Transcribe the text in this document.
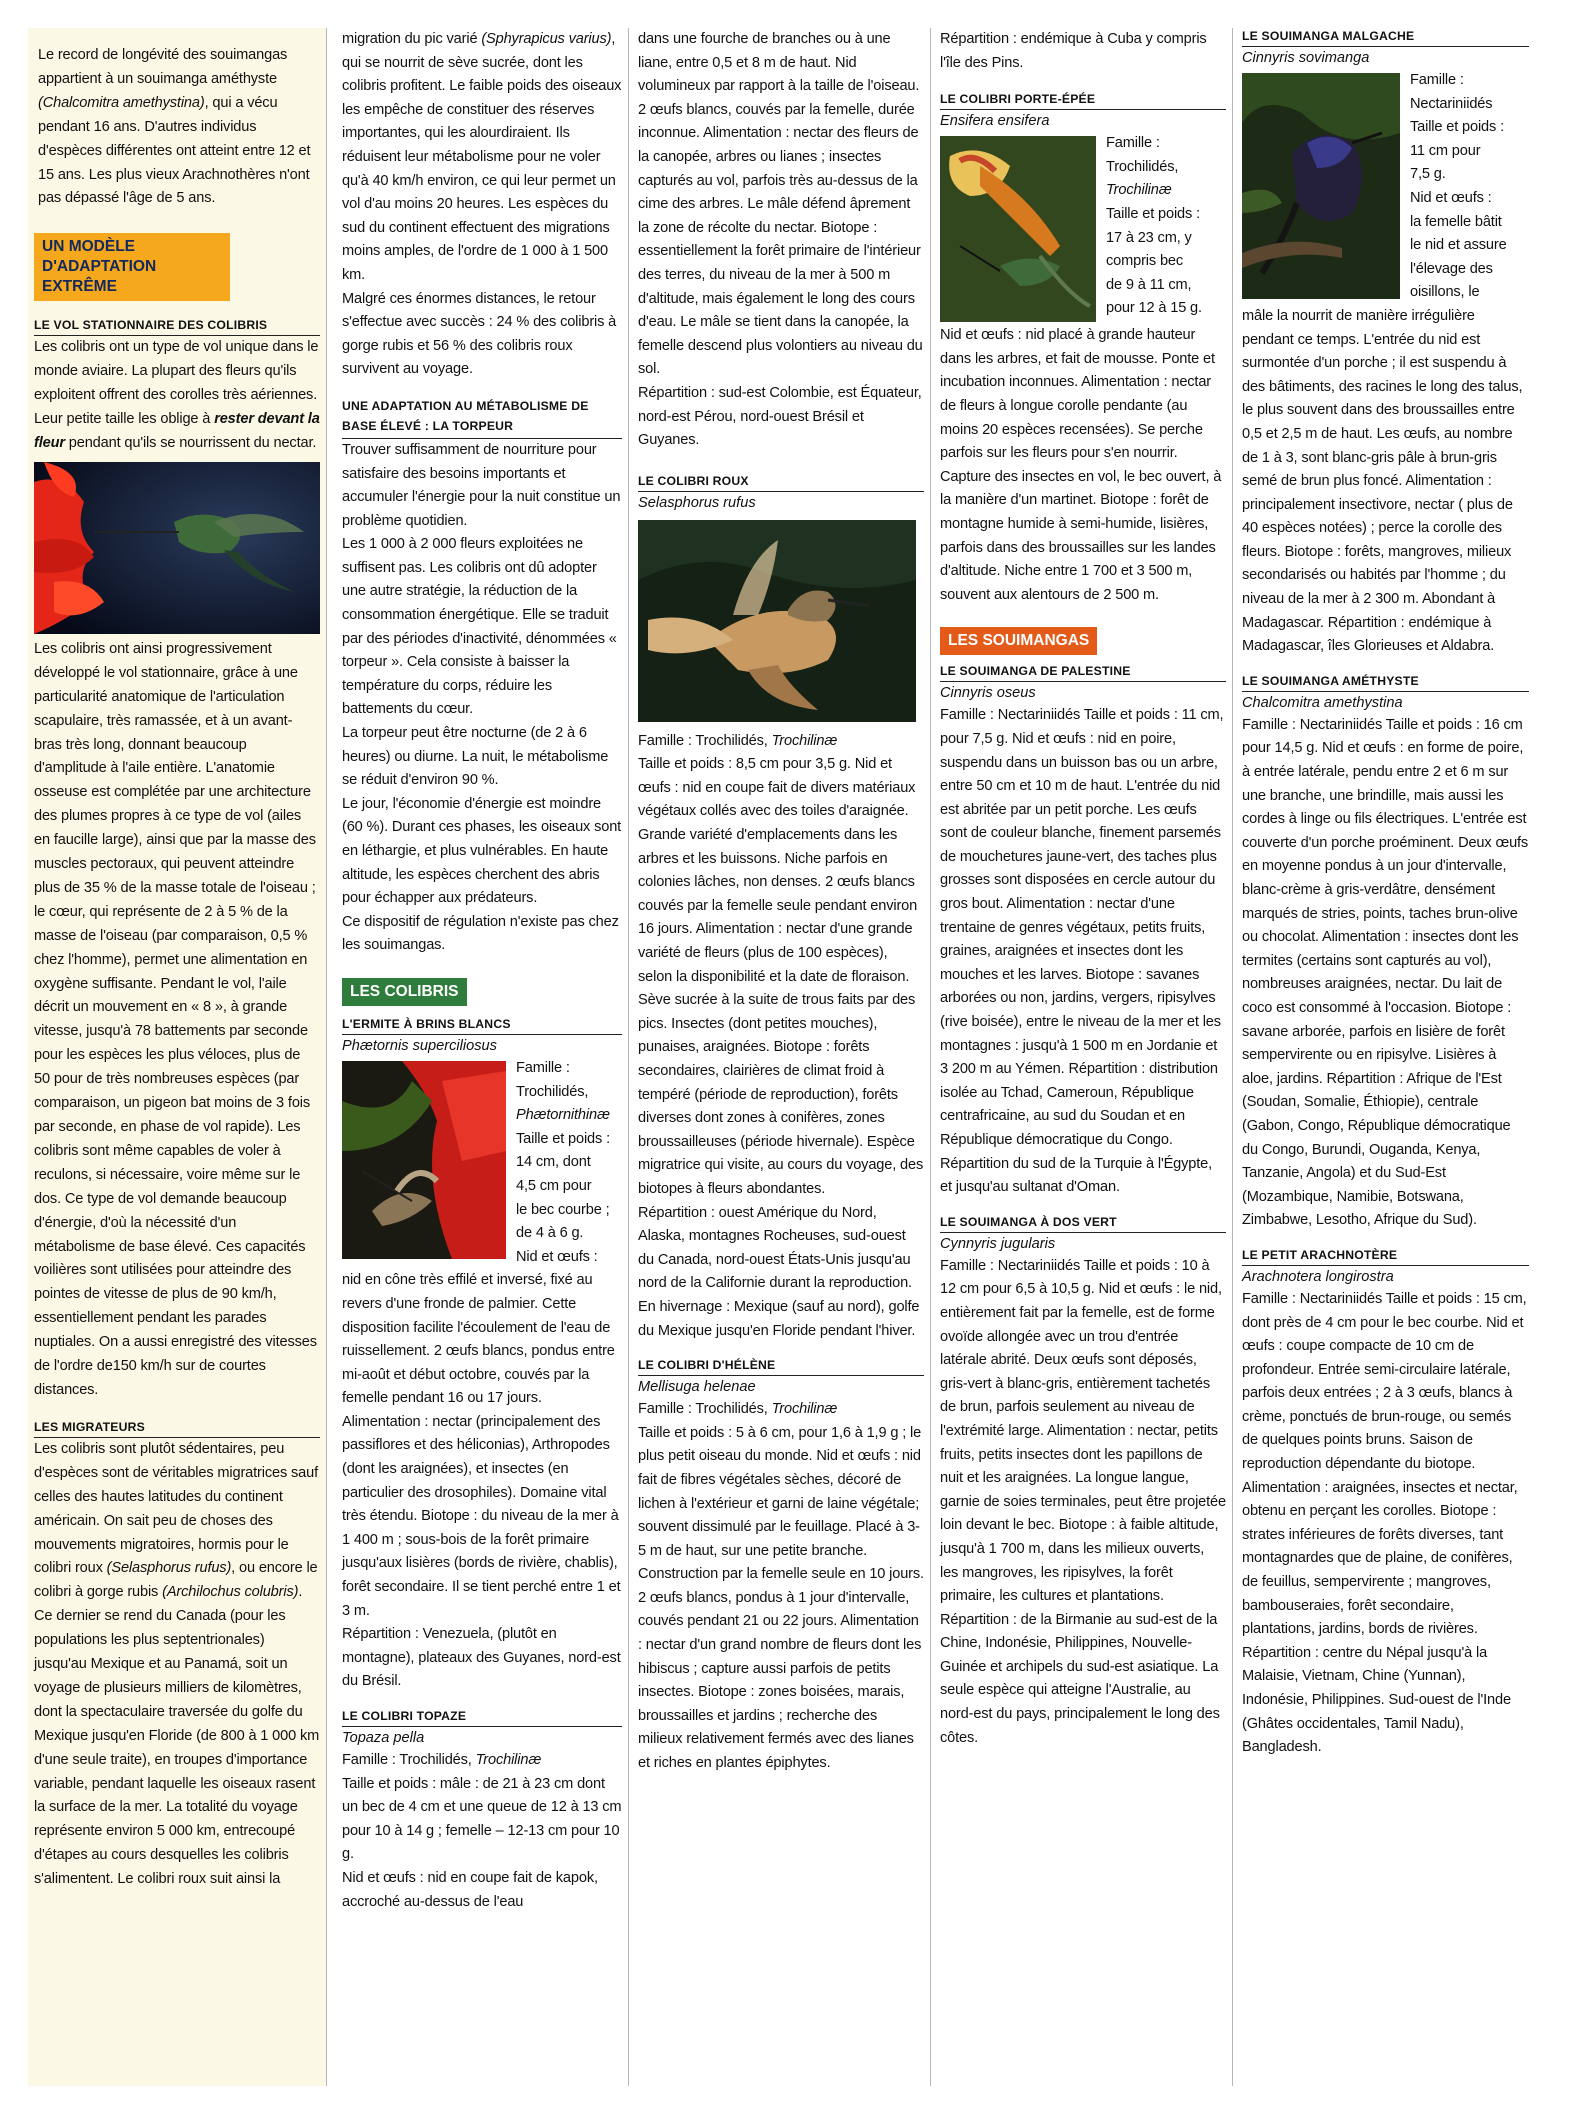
Le record de longévité des souimangas appartient à un souimanga améthyste (Chalcomitra amethystina), qui a vécu pendant 16 ans. D'autres individus d'espèces différentes ont atteint entre 12 et 15 ans. Les plus vieux Arachnothères n'ont pas dépassé l'âge de 5 ans.

UN MODÈLE D'ADAPTATION EXTRÊME
LE VOL STATIONNAIRE DES COLIBRIS

Les colibris ont un type de vol unique dans le monde aviaire. La plupart des fleurs qu'ils exploitent offrent des corolles très aériennes. Leur petite taille les oblige à rester devant la fleur pendant qu'ils se nourrissent du nectar.

Les colibris ont ainsi progressivement développé le vol stationnaire, grâce à une particularité anatomique de l'articulation scapulaire, très ramassée, et à un avant-bras très long, donnant beaucoup d'amplitude à l'aile entière. L'anatomie osseuse est complétée par une architecture des plumes propres à ce type de vol (ailes en faucille large), ainsi que par la masse des muscles pectoraux, qui peuvent atteindre plus de 35 % de la masse totale de l'oiseau ; le cœur, qui représente de 2 à 5 % de la masse de l'oiseau (par comparaison, 0,5 % chez l'homme), permet une alimentation en oxygène suffisante. Pendant le vol, l'aile décrit un mouvement en « 8 », à grande vitesse, jusqu'à 78 battements par seconde pour les espèces les plus véloces, plus de 50 pour de très nombreuses espèces (par comparaison, un pigeon bat moins de 3 fois par seconde, en phase de vol rapide). Les colibris sont même capables de voler à reculons, si nécessaire, voire même sur le dos. Ce type de vol demande beaucoup d'énergie, d'où la nécessité d'un métabolisme de base élevé. Ces capacités voilières sont utilisées pour atteindre des pointes de vitesse de plus de 90 km/h, essentiellement pendant les parades nuptiales. On a aussi enregistré des vitesses de l'ordre de150 km/h sur de courtes distances.

LES MIGRATEURS

Les colibris sont plutôt sédentaires, peu d'espèces sont de véritables migratrices sauf celles des hautes latitudes du continent américain. On sait peu de choses des mouvements migratoires, hormis pour le colibri roux (Selasphorus rufus), ou encore le colibri à gorge rubis (Archilochus colubris). Ce dernier se rend du Canada (pour les populations les plus septentrionales) jusqu'au Mexique et au Panamá, soit un voyage de plusieurs milliers de kilomètres, dont la spectaculaire traversée du golfe du Mexique jusqu'en Floride (de 800 à 1 000 km d'une seule traite), en troupes d'importance variable, pendant laquelle les oiseaux rasent la surface de la mer. La totalité du voyage représente environ 5 000 km, entrecoupé d'étapes au cours desquelles les colibris s'alimentent. Le colibri roux suit ainsi la

migration du pic varié (Sphyrapicus varius), qui se nourrit de sève sucrée, dont les colibris profitent. Le faible poids des oiseaux les empêche de constituer des réserves importantes, qui les alourdiraient. Ils réduisent leur métabolisme pour ne voler qu'à 40 km/h environ, ce qui leur permet un vol d'au moins 20 heures. Les espèces du sud du continent effectuent des migrations moins amples, de l'ordre de 1 000 à 1 500 km.

Malgré ces énormes distances, le retour s'effectue avec succès : 24 % des colibris à gorge rubis et 56 % des colibris roux survivent au voyage.

UNE ADAPTATION AU MÉTABOLISME DE BASE ÉLEVÉ : LA TORPEUR

Trouver suffisamment de nourriture pour satisfaire des besoins importants et accumuler l'énergie pour la nuit constitue un problème quotidien.

Les 1 000 à 2 000 fleurs exploitées ne suffisent pas. Les colibris ont dû adopter une autre stratégie, la réduction de la consommation énergétique. Elle se traduit par des périodes d'inactivité, dénommées « torpeur ». Cela consiste à baisser la température du corps, réduire les battements du cœur.

La torpeur peut être nocturne (de 2 à 6 heures) ou diurne. La nuit, le métabolisme se réduit d'environ 90 %.

Le jour, l'économie d'énergie est moindre (60 %). Durant ces phases, les oiseaux sont en léthargie, et plus vulnérables. En haute altitude, les espèces cherchent des abris pour échapper aux prédateurs.

Ce dispositif de régulation n'existe pas chez les souimangas.

LES COLIBRIS
L'ERMITE À BRINS BLANCS
Phætornis superciliosus

Famille :

Trochilidés,

Phætornithinæ

Taille et poids :

14 cm, dont

4,5 cm pour

le bec courbe ;

de 4 à 6 g.

Nid et œufs :

nid en cône très effilé et inversé, fixé au revers d'une fronde de palmier. Cette disposition facilite l'écoulement de l'eau de ruissellement. 2 œufs blancs, pondus entre mi-août et début octobre, couvés par la femelle pendant 16 ou 17 jours. Alimentation : nectar (principalement des passiflores et des héliconias), Arthropodes (dont les araignées), et insectes (en particulier des drosophiles). Domaine vital très étendu. Biotope : du niveau de la mer à 1 400 m ; sous-bois de la forêt primaire jusqu'aux lisières (bords de rivière, chablis), forêt secondaire. Il se tient perché entre 1 et 3 m.

Répartition : Venezuela, (plutôt en montagne), plateaux des Guyanes, nord-est du Brésil.

LE COLIBRI TOPAZE
Topaza pella

Famille : Trochilidés, Trochilinæ

Taille et poids : mâle : de 21 à 23 cm dont un bec de 4 cm et une queue de 12 à 13 cm pour 10 à 14 g ; femelle – 12-13 cm pour 10 g.

Nid et œufs : nid en coupe fait de kapok, accroché au-dessus de l'eau

dans une fourche de branches ou à une liane, entre 0,5 et 8 m de haut. Nid volumineux par rapport à la taille de l'oiseau. 2 œufs blancs, couvés par la femelle, durée inconnue. Alimentation : nectar des fleurs de la canopée, arbres ou lianes ; insectes capturés au vol, parfois très au-dessus de la cime des arbres. Le mâle défend âprement la zone de récolte du nectar. Biotope : essentiellement la forêt primaire de l'intérieur des terres, du niveau de la mer à 500 m d'altitude, mais également le long des cours d'eau. Le mâle se tient dans la canopée, la femelle descend plus volontiers au niveau du sol.

Répartition : sud-est Colombie, est Équateur, nord-est Pérou, nord-ouest Brésil et Guyanes.

LE COLIBRI ROUX
Selasphorus rufus

Famille : Trochilidés, Trochilinæ

Taille et poids : 8,5 cm pour 3,5 g. Nid et œufs : nid en coupe fait de divers matériaux végétaux collés avec des toiles d'araignée. Grande variété d'emplacements dans les arbres et les buissons. Niche parfois en colonies lâches, non denses. 2 œufs blancs couvés par la femelle seule pendant environ 16 jours. Alimentation : nectar d'une grande variété de fleurs (plus de 100 espèces), selon la disponibilité et la date de floraison. Sève sucrée à la suite de trous faits par des pics. Insectes (dont petites mouches), punaises, araignées. Biotope : forêts secondaires, clairières de climat froid à tempéré (période de reproduction), forêts diverses dont zones à conifères, zones broussailleuses (période hivernale). Espèce migratrice qui visite, au cours du voyage, des biotopes à fleurs abondantes.

Répartition : ouest Amérique du Nord, Alaska, montagnes Rocheuses, sud-ouest du Canada, nord-ouest États-Unis jusqu'au nord de la Californie durant la reproduction. En hivernage : Mexique (sauf au nord), golfe du Mexique jusqu'en Floride pendant l'hiver.

LE COLIBRI D'HÉLÈNE
Mellisuga helenae

Famille : Trochilidés, Trochilinæ

Taille et poids : 5 à 6 cm, pour 1,6 à 1,9 g ; le plus petit oiseau du monde. Nid et œufs : nid fait de fibres végétales sèches, décoré de lichen à l'extérieur et garni de laine végétale; souvent dissimulé par le feuillage. Placé à 3-5 m de haut, sur une petite branche. Construction par la femelle seule en 10 jours. 2 œufs blancs, pondus à 1 jour d'intervalle, couvés pendant 21 ou 22 jours. Alimentation : nectar d'un grand nombre de fleurs dont les hibiscus ; capture aussi parfois de petits insectes. Biotope : zones boisées, marais, broussailles et jardins ; recherche des milieux relativement fermés avec des lianes et riches en plantes épiphytes.

Répartition : endémique à Cuba y compris l'île des Pins.

LE COLIBRI PORTE-ÉPÉE
Ensifera ensifera

Famille :

Trochilidés,

Trochilinæ

Taille et poids :

17 à 23 cm, y

compris bec

de 9 à 11 cm,

pour 12 à 15 g.

Nid et œufs : nid placé à grande hauteur dans les arbres, et fait de mousse. Ponte et incubation inconnues. Alimentation : nectar de fleurs à longue corolle pendante (au moins 20 espèces recensées). Se perche parfois sur les fleurs pour s'en nourrir. Capture des insectes en vol, le bec ouvert, à la manière d'un martinet. Biotope : forêt de montagne humide à semi-humide, lisières, parfois dans des broussailles sur les landes d'altitude. Niche entre 1 700 et 3 500 m, souvent aux alentours de 2 500 m.

LES SOUIMANGAS
LE SOUIMANGA DE PALESTINE
Cinnyris oseus

Famille : Nectariniidés Taille et poids : 11 cm, pour 7,5 g. Nid et œufs : nid en poire, suspendu dans un buisson bas ou un arbre, entre 50 cm et 10 m de haut. L'entrée du nid est abritée par un petit porche. Les œufs sont de couleur blanche, finement parsemés de mouchetures jaune-vert, des taches plus grosses sont disposées en cercle autour du gros bout. Alimentation : nectar d'une trentaine de genres végétaux, petits fruits, graines, araignées et insectes dont les mouches et les larves. Biotope : savanes arborées ou non, jardins, vergers, ripisylves (rive boisée), entre le niveau de la mer et les montagnes : jusqu'à 1 500 m en Jordanie et 3 200 m au Yémen. Répartition : distribution isolée au Tchad, Cameroun, République centrafricaine, au sud du Soudan et en République démocratique du Congo. Répartition du sud de la Turquie à l'Égypte, et jusqu'au sultanat d'Oman.

LE SOUIMANGA À DOS VERT
Cynnyris jugularis

Famille : Nectariniidés Taille et poids : 10 à 12 cm pour 6,5 à 10,5 g. Nid et œufs : le nid, entièrement fait par la femelle, est de forme ovoïde allongée avec un trou d'entrée latérale abrité. Deux œufs sont déposés, gris-vert à blanc-gris, entièrement tachetés de brun, parfois seulement au niveau de l'extrémité large. Alimentation : nectar, petits fruits, petits insectes dont les papillons de nuit et les araignées. La longue langue, garnie de soies terminales, peut être projetée loin devant le bec. Biotope : à faible altitude, jusqu'à 1 700 m, dans les milieux ouverts, les mangroves, les ripisylves, la forêt primaire, les cultures et plantations. Répartition : de la Birmanie au sud-est de la Chine, Indonésie, Philippines, Nouvelle-Guinée et archipels du sud-est asiatique. La seule espèce qui atteigne l'Australie, au nord-est du pays, principalement le long des côtes.

LE SOUIMANGA MALGACHE
Cinnyris sovimanga

Famille :

Nectariniidés

Taille et poids :

11 cm pour

7,5 g.

Nid et œufs :

la femelle bâtit

le nid et assure

l'élevage des

oisillons, le

mâle la nourrit de manière irrégulière pendant ce temps. L'entrée du nid est surmontée d'un porche ; il est suspendu à des bâtiments, des racines le long des talus, le plus souvent dans des broussailles entre 0,5 et 2,5 m de haut. Les œufs, au nombre de 1 à 3, sont blanc-gris pâle à brun-gris semé de brun plus foncé. Alimentation : principalement insectivore, nectar ( plus de 40 espèces notées) ; perce la corolle des fleurs. Biotope : forêts, mangroves, milieux secondarisés ou habités par l'homme ; du niveau de la mer à 2 300 m. Abondant à Madagascar. Répartition : endémique à Madagascar, îles Glorieuses et Aldabra.

LE SOUIMANGA AMÉTHYSTE
Chalcomitra amethystina

Famille : Nectariniidés Taille et poids : 16 cm pour 14,5 g. Nid et œufs : en forme de poire, à entrée latérale, pendu entre 2 et 6 m sur une branche, une brindille, mais aussi les cordes à linge ou fils électriques. L'entrée est couverte d'un porche proéminent. Deux œufs en moyenne pondus à un jour d'intervalle, blanc-crème à gris-verdâtre, densément marqués de stries, points, taches brun-olive ou chocolat. Alimentation : insectes dont les termites (certains sont capturés au vol), nombreuses araignées, nectar. Du lait de coco est consommé à l'occasion. Biotope : savane arborée, parfois en lisière de forêt sempervirente ou en ripisylve. Lisières à aloe, jardins. Répartition : Afrique de l'Est (Soudan, Somalie, Éthiopie), centrale (Gabon, Congo, République démocratique du Congo, Burundi, Ouganda, Kenya, Tanzanie, Angola) et du Sud-Est (Mozambique, Namibie, Botswana, Zimbabwe, Lesotho, Afrique du Sud).

LE PETIT ARACHNOTÈRE
Arachnotera longirostra

Famille : Nectariniidés Taille et poids : 15 cm, dont près de 4 cm pour le bec courbe. Nid et œufs : coupe compacte de 10 cm de profondeur. Entrée semi-circulaire latérale, parfois deux entrées ; 2 à 3 œufs, blancs à crème, ponctués de brun-rouge, ou semés de quelques points bruns. Saison de reproduction dépendante du biotope. Alimentation : araignées, insectes et nectar, obtenu en perçant les corolles. Biotope : strates inférieures de forêts diverses, tant montagnardes que de plaine, de conifères, de feuillus, sempervirente ; mangroves, bambouseraies, forêt secondaire, plantations, jardins, bords de rivières. Répartition : centre du Népal jusqu'à la Malaisie, Vietnam, Chine (Yunnan), Indonésie, Philippines. Sud-ouest de l'Inde (Ghâtes occidentales, Tamil Nadu), Bangladesh.
